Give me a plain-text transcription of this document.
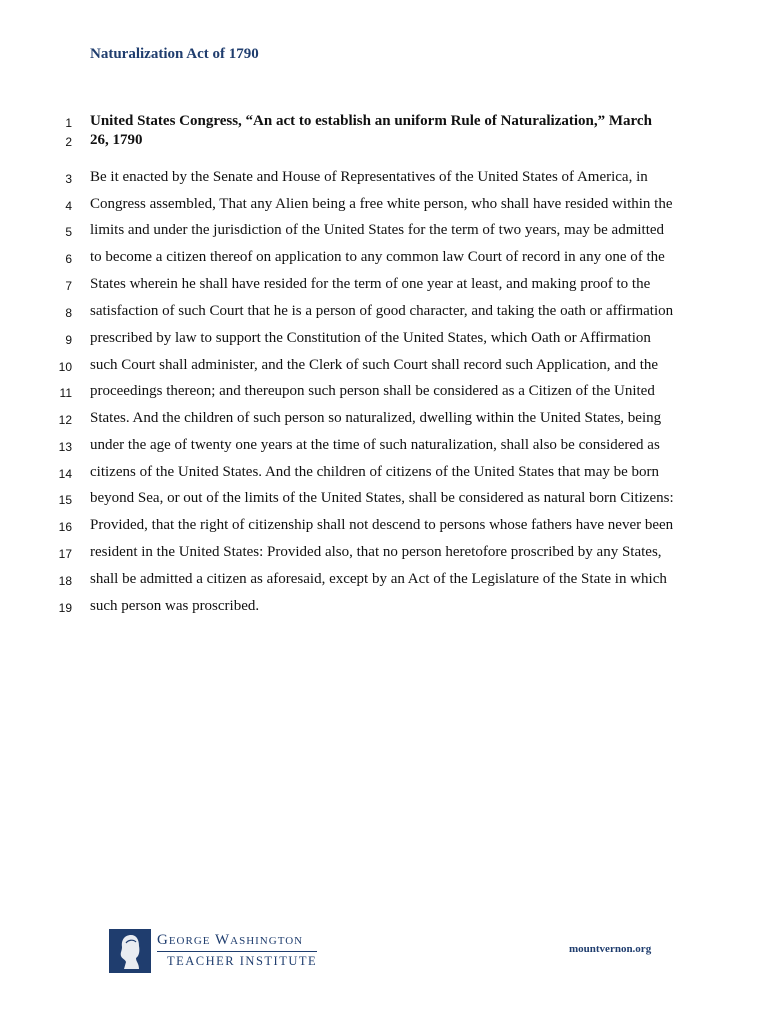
Naturalization Act of 1790
1 United States Congress, “An act to establish an uniform Rule of Naturalization,” March
2 26, 1790
3 Be it enacted by the Senate and House of Representatives of the United States of America, in
4 Congress assembled, That any Alien being a free white person, who shall have resided within the
5 limits and under the jurisdiction of the United States for the term of two years, may be admitted
6 to become a citizen thereof on application to any common law Court of record in any one of the
7 States wherein he shall have resided for the term of one year at least, and making proof to the
8 satisfaction of such Court that he is a person of good character, and taking the oath or affirmation
9 prescribed by law to support the Constitution of the United States, which Oath or Affirmation
10 such Court shall administer, and the Clerk of such Court shall record such Application, and the
11 proceedings thereon; and thereupon such person shall be considered as a Citizen of the United
12 States. And the children of such person so naturalized, dwelling within the United States, being
13 under the age of twenty one years at the time of such naturalization, shall also be considered as
14 citizens of the United States. And the children of citizens of the United States that may be born
15 beyond Sea, or out of the limits of the United States, shall be considered as natural born Citizens:
16 Provided, that the right of citizenship shall not descend to persons whose fathers have never been
17 resident in the United States: Provided also, that no person heretofore proscribed by any States,
18 shall be admitted a citizen as aforesaid, except by an Act of the Legislature of the State in which
19 such person was proscribed.
George Washington
TEACHER INSTITUTE
mountvernon.org
